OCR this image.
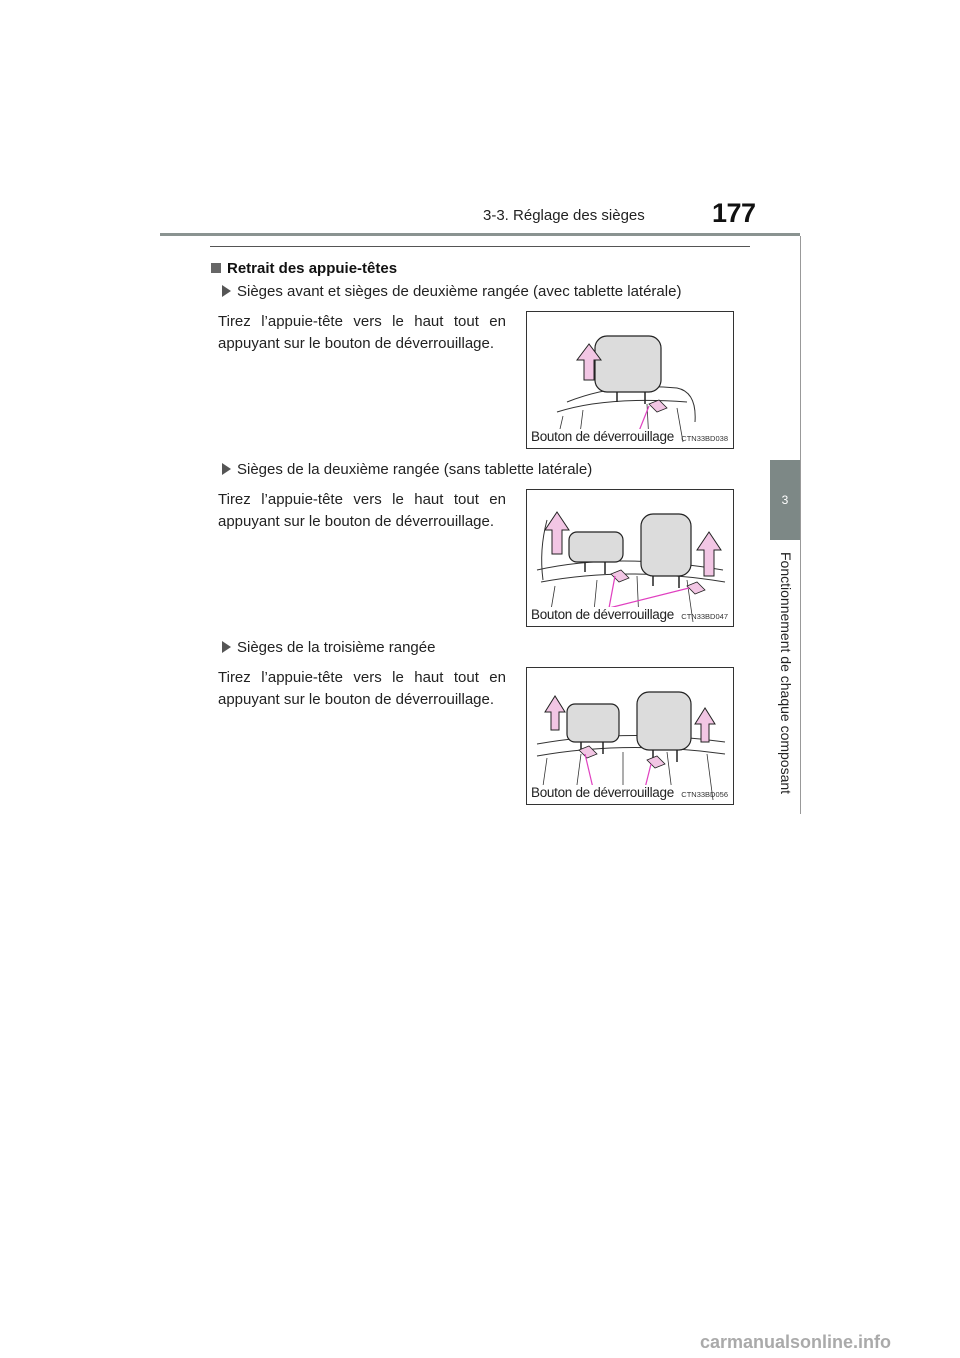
3-3. Réglage des sièges 177
3
Fonctionnement de chaque composant
Retrait des appuie-têtes
Sièges avant et sièges de deuxième rangée (avec tablette latérale)
Tirez l’appuie-tête vers le haut tout en appuyant sur le bouton de déverrouillage.
Bouton de déverrouillage CTN33BD038
Sièges de la deuxième rangée (sans tablette latérale)
Tirez l’appuie-tête vers le haut tout en appuyant sur le bouton de déverrouillage.
Bouton de déverrouillage CTN33BD047
Sièges de la troisième rangée
Tirez l’appuie-tête vers le haut tout en appuyant sur le bouton de déverrouillage.
Bouton de déverrouillage CTN33BD056
carmanualsonline.info
